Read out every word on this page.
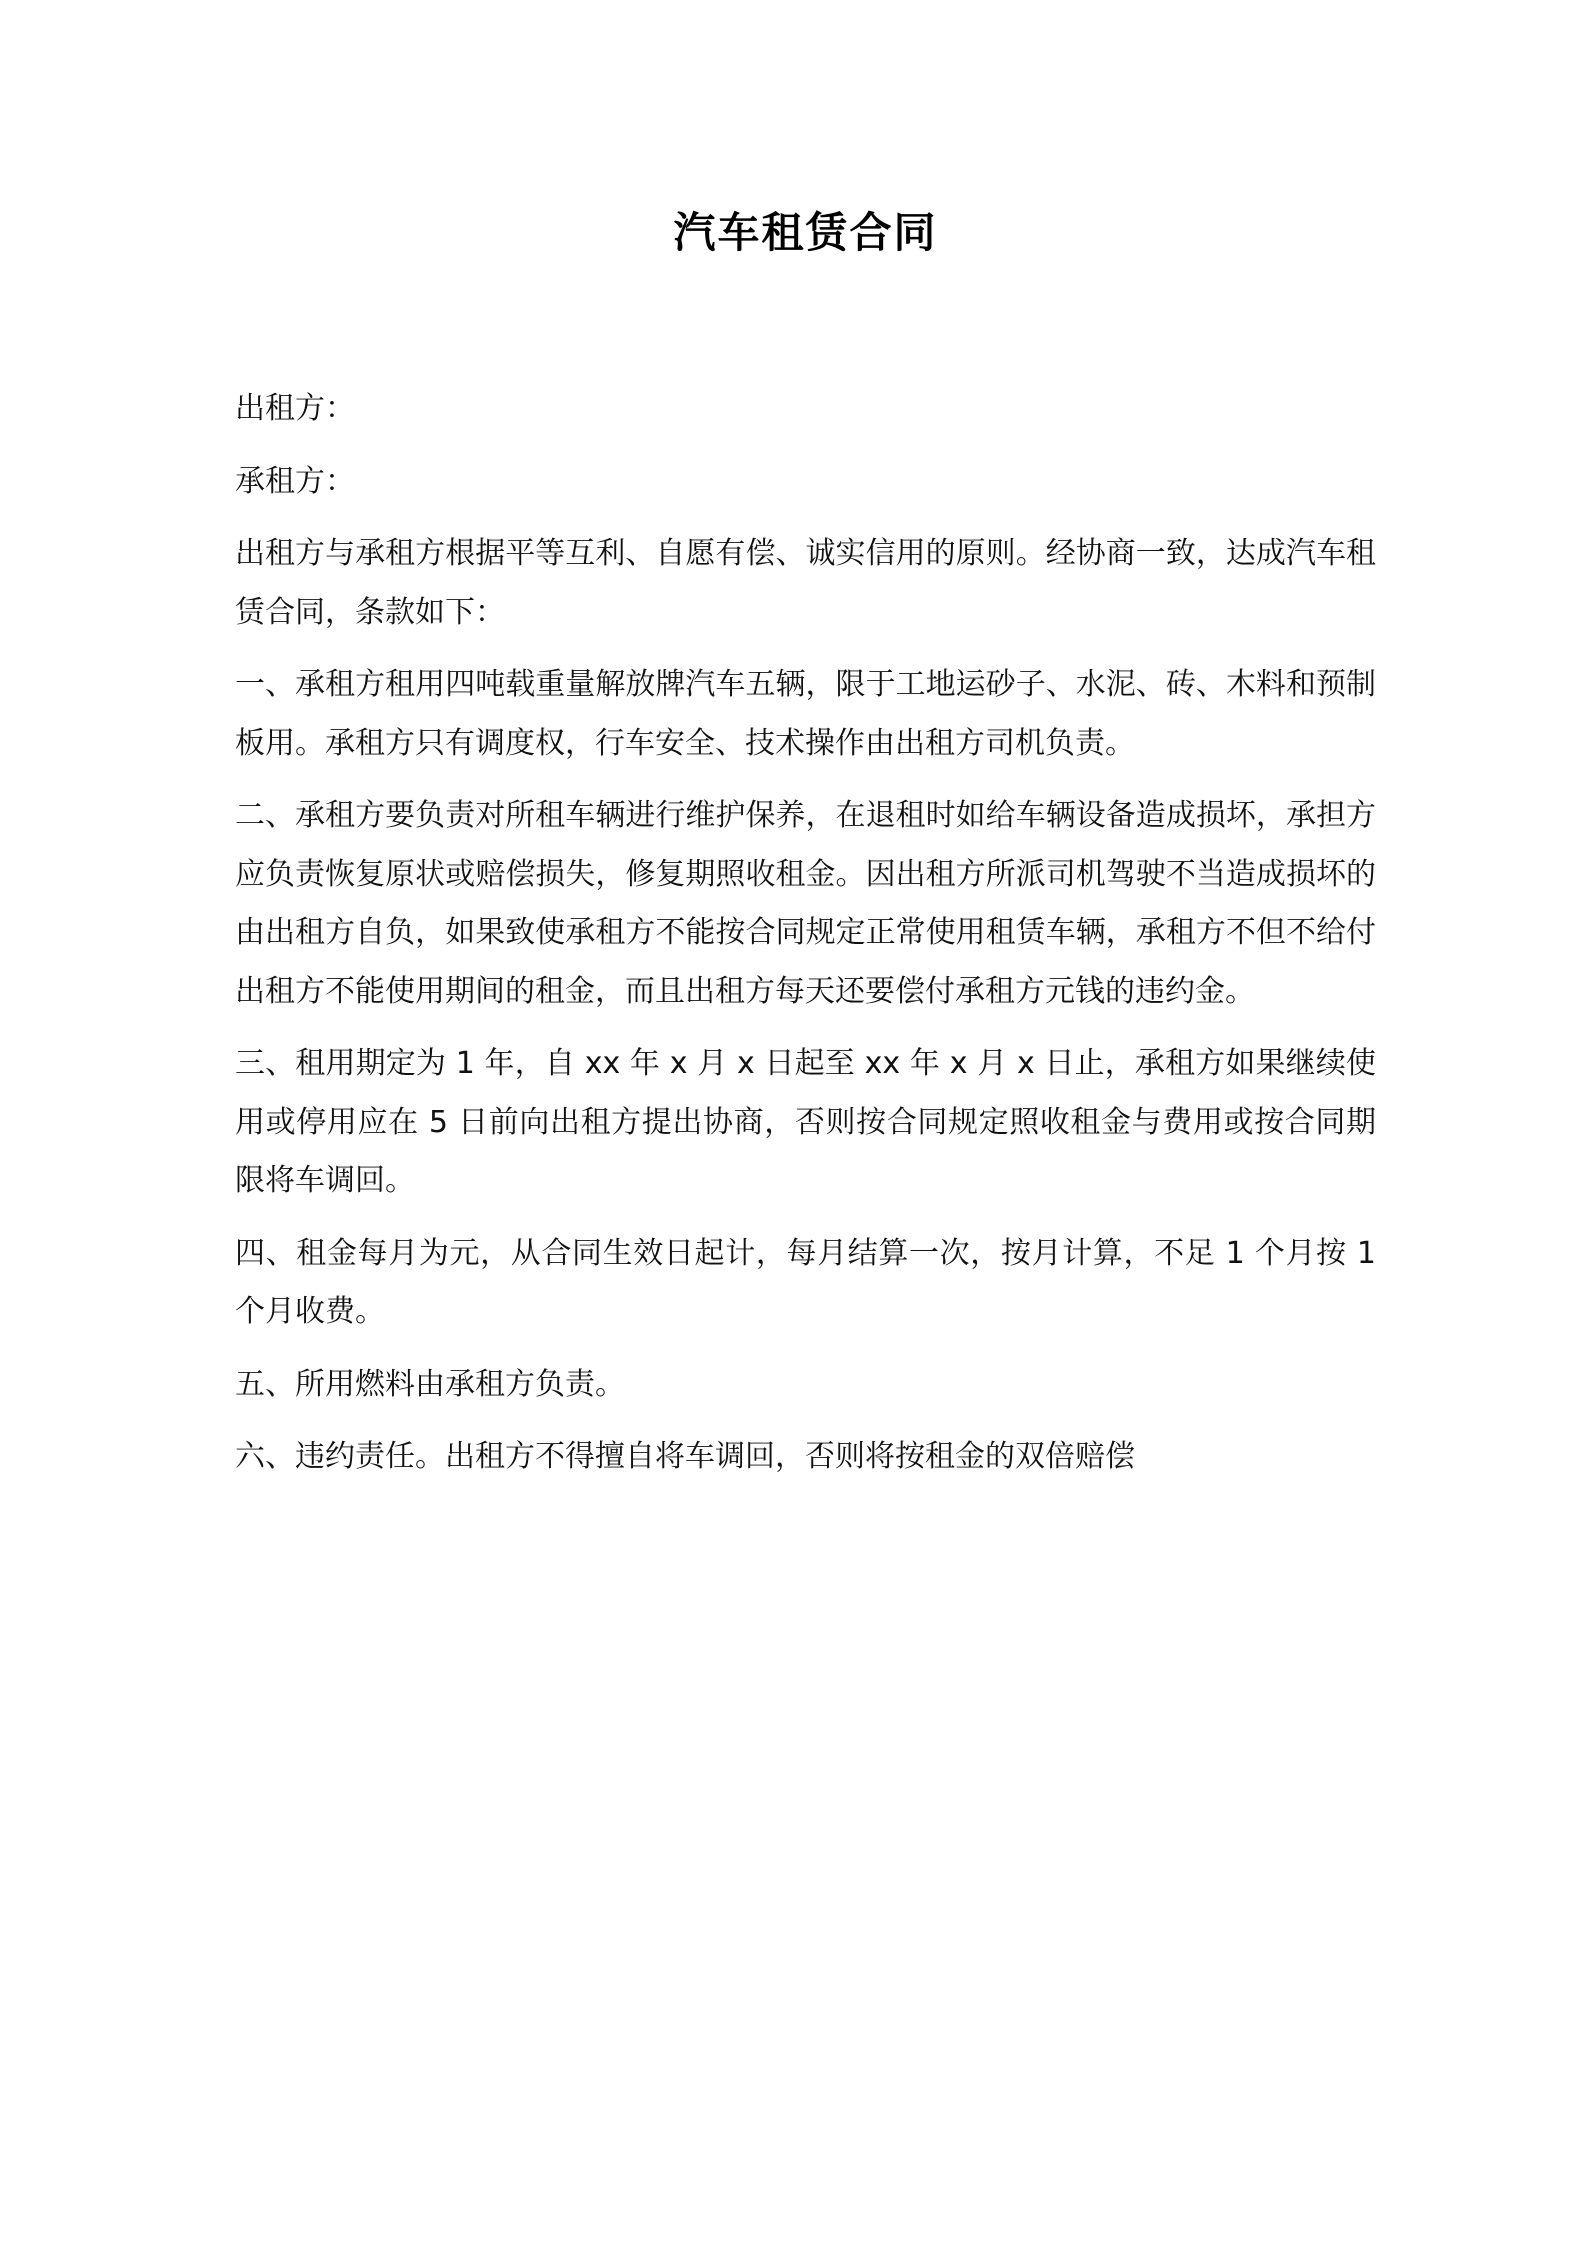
汽车租赁合同

出租方：

承租方：

出租方与承租方根据平等互利、自愿有偿、诚实信用的原则。经协商一致，达成汽车租赁合同，条款如下：

一、承租方租用四吨载重量解放牌汽车五辆，限于工地运砂子、水泥、砖、木料和预制板用。承租方只有调度权，行车安全、技术操作由出租方司机负责。

二、承租方要负责对所租车辆进行维护保养，在退租时如给车辆设备造成损坏，承担方应负责恢复原状或赔偿损失，修复期照收租金。因出租方所派司机驾驶不当造成损坏的由出租方自负，如果致使承租方不能按合同规定正常使用租赁车辆，承租方不但不给付出租方不能使用期间的租金，而且出租方每天还要偿付承租方元钱的违约金。

三、租用期定为 1 年，自 xx 年 x 月 x 日起至 xx 年 x 月 x 日止，承租方如果继续使用或停用应在 5 日前向出租方提出协商，否则按合同规定照收租金与费用或按合同期限将车调回。

四、租金每月为元，从合同生效日起计，每月结算一次，按月计算，不足 1 个月按 1 个月收费。

五、所用燃料由承租方负责。

六、违约责任。出租方不得擅自将车调回，否则将按租金的双倍赔偿
